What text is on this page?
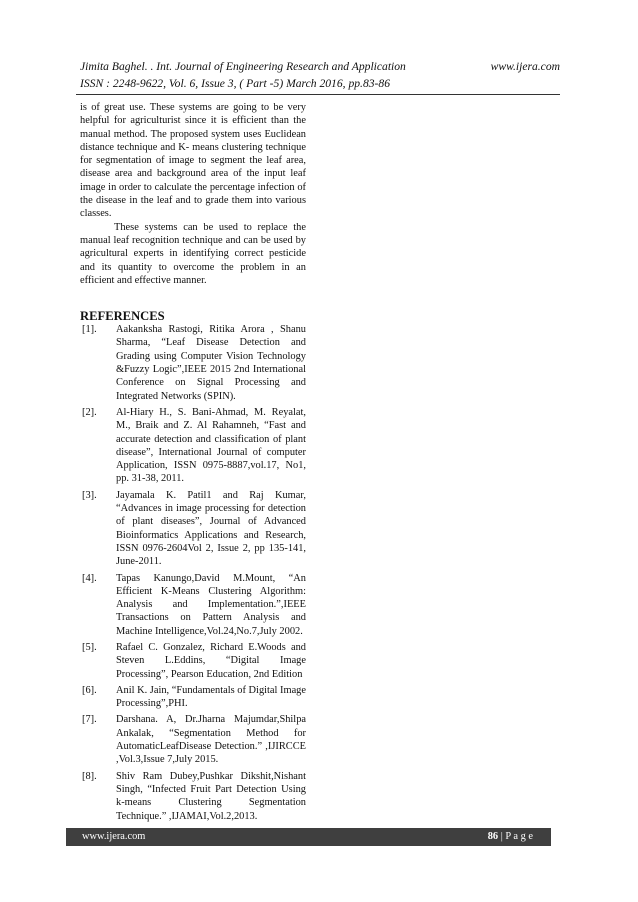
Jimita Baghel. . Int. Journal of Engineering Research and Application	www.ijera.com
ISSN : 2248-9622, Vol. 6, Issue 3, ( Part -5) March 2016, pp.83-86

is of great use. These systems are going to be very helpful for agriculturist since it is efficient than the manual method. The proposed system uses Euclidean distance technique and K- means clustering technique for segmentation of image to segment the leaf area, disease area and background area of the input leaf image in order to calculate the percentage infection of the disease in the leaf and to grade them into various classes.

These systems can be used to replace the manual leaf recognition technique and can be used by agricultural experts in identifying correct pesticide and its quantity to overcome the problem in an efficient and effective manner.

REFERENCES
[1].	Aakanksha Rastogi, Ritika Arora , Shanu Sharma, “Leaf Disease Detection and Grading using Computer Vision Technology &Fuzzy Logic”,IEEE 2015 2nd International Conference on Signal Processing and Integrated Networks (SPIN).
[2].	Al-Hiary H., S. Bani-Ahmad, M. Reyalat, M., Braik and Z. Al Rahamneh, “Fast and accurate detection and classification of plant disease”, International Journal of computer Application, ISSN 0975-8887,vol.17, No1, pp. 31-38, 2011.
[3].	Jayamala K. Patil1 and Raj Kumar, “Advances in image processing for detection of plant diseases”, Journal of Advanced Bioinformatics Applications and Research, ISSN 0976-2604Vol 2, Issue 2, pp 135-141, June-2011.
[4].	Tapas Kanungo,David M.Mount, “An Efficient K-Means Clustering Algorithm: Analysis and Implementation.”,IEEE Transactions on Pattern Analysis and Machine Intelligence,Vol.24,No.7,July 2002.
[5].	Rafael C. Gonzalez, Richard E.Woods and Steven L.Eddins, “Digital Image Processing”, Pearson Education, 2nd Edition
[6].	Anil K. Jain, “Fundamentals of Digital Image Processing”,PHI.
[7].	Darshana. A, Dr.Jharna Majumdar,Shilpa Ankalak, “Segmentation Method for AutomaticLeafDisease Detection.” ,IJIRCCE ,Vol.3,Issue 7,July 2015.
[8].	Shiv Ram Dubey,Pushkar Dikshit,Nishant Singh, “Infected Fruit Part Detection Using k-means Clustering Segmentation Technique.” ,IJAMAI,Vol.2,2013.
www.ijera.com	86 | P a g e
